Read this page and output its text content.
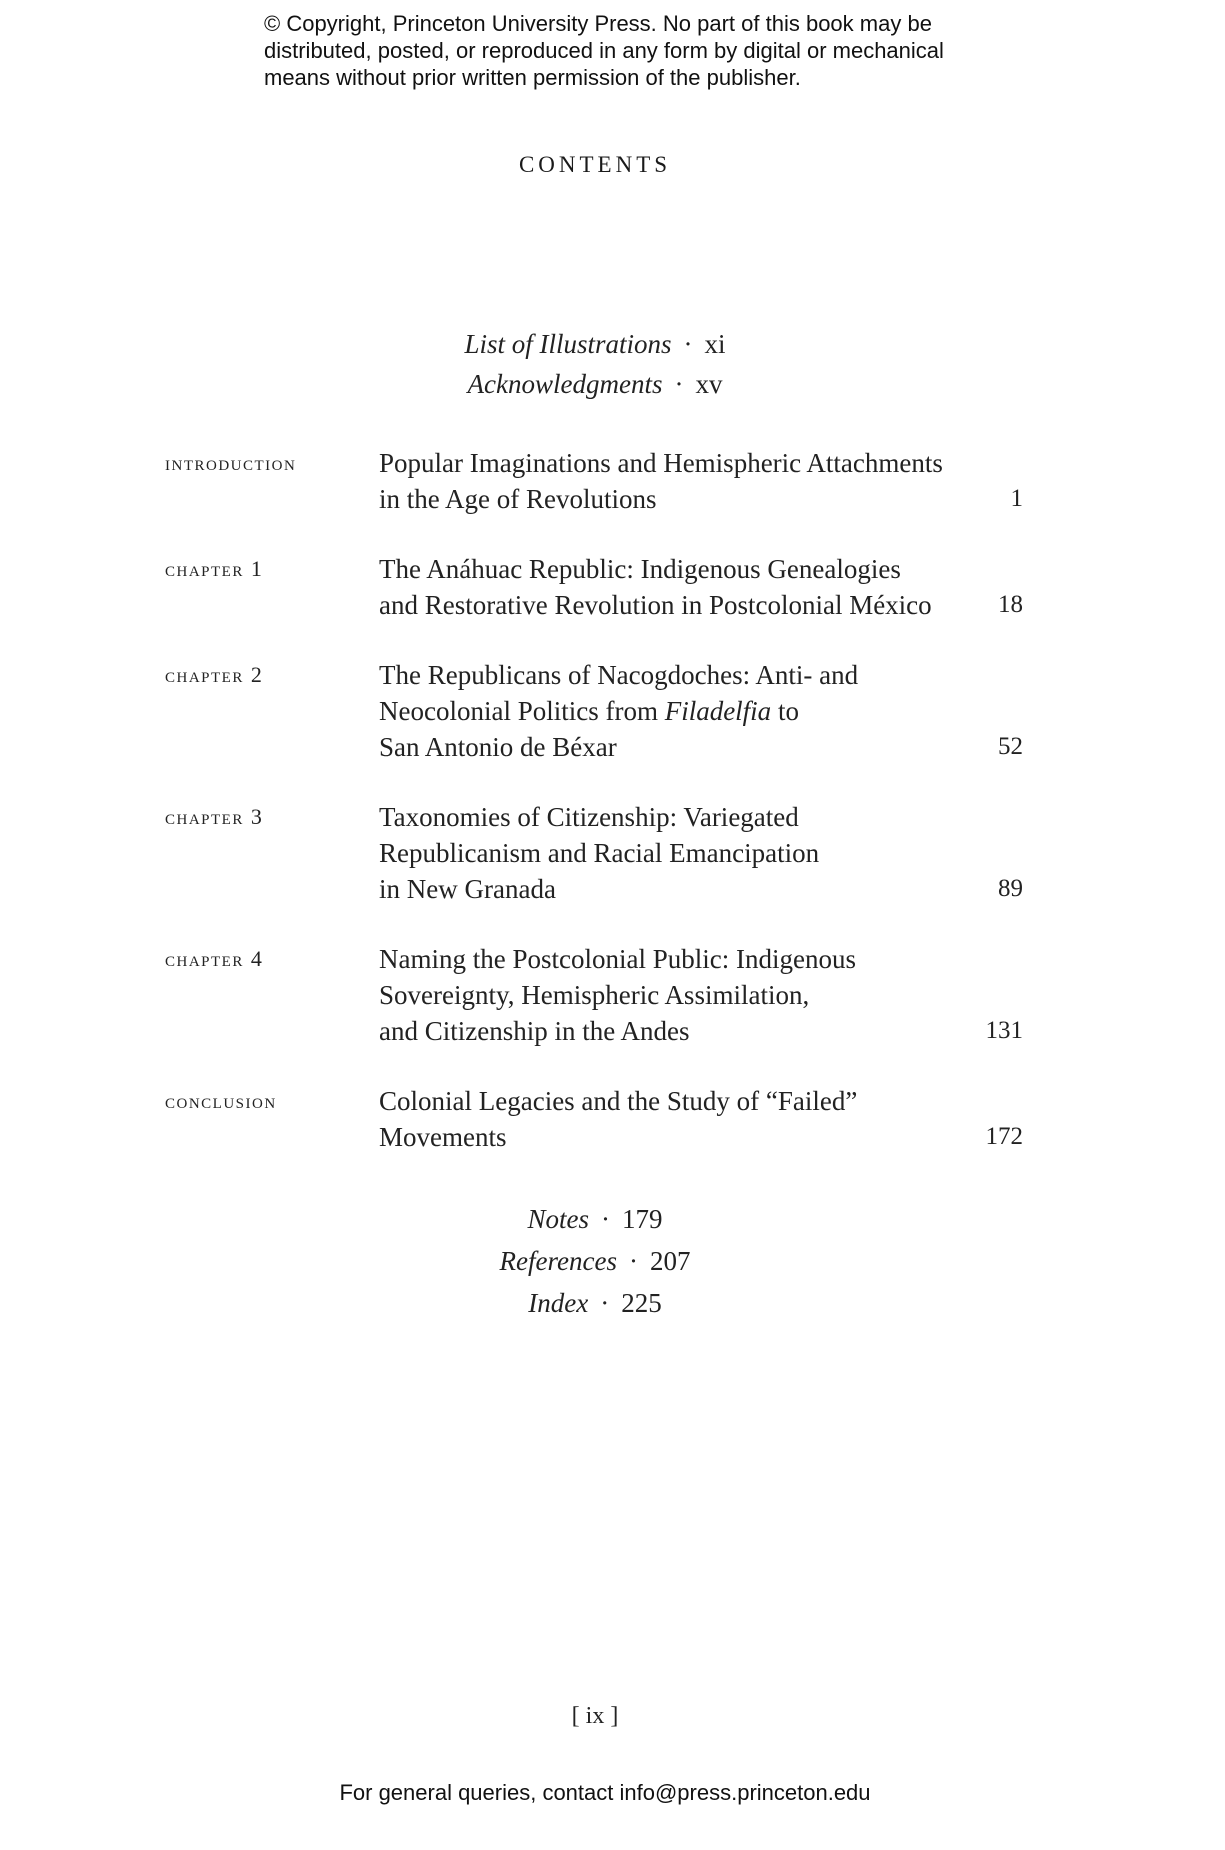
© Copyright, Princeton University Press. No part of this book may be
distributed, posted, or reproduced in any form by digital or mechanical
means without prior written permission of the publisher.
CONTENTS
List of Illustrations · xi
Acknowledgments · xv
introduction	Popular Imaginations and Hemispheric Attachments
in the Age of Revolutions	1
chapter 1	The Anáhuac Republic: Indigenous Genealogies
and Restorative Revolution in Postcolonial México	18
chapter 2	The Republicans of Nacogdoches: Anti- and
Neocolonial Politics from Filadelfia to
San Antonio de Béxar	52
chapter 3	Taxonomies of Citizenship: Variegated
Republicanism and Racial Emancipation
in New Granada	89
chapter 4	Naming the Postcolonial Public: Indigenous
Sovereignty, Hemispheric Assimilation,
and Citizenship in the Andes	131
conclusion	Colonial Legacies and the Study of “Failed”
Movements	172
Notes · 179
References · 207
Index · 225
[ ix ]
For general queries, contact info@press.princeton.edu
